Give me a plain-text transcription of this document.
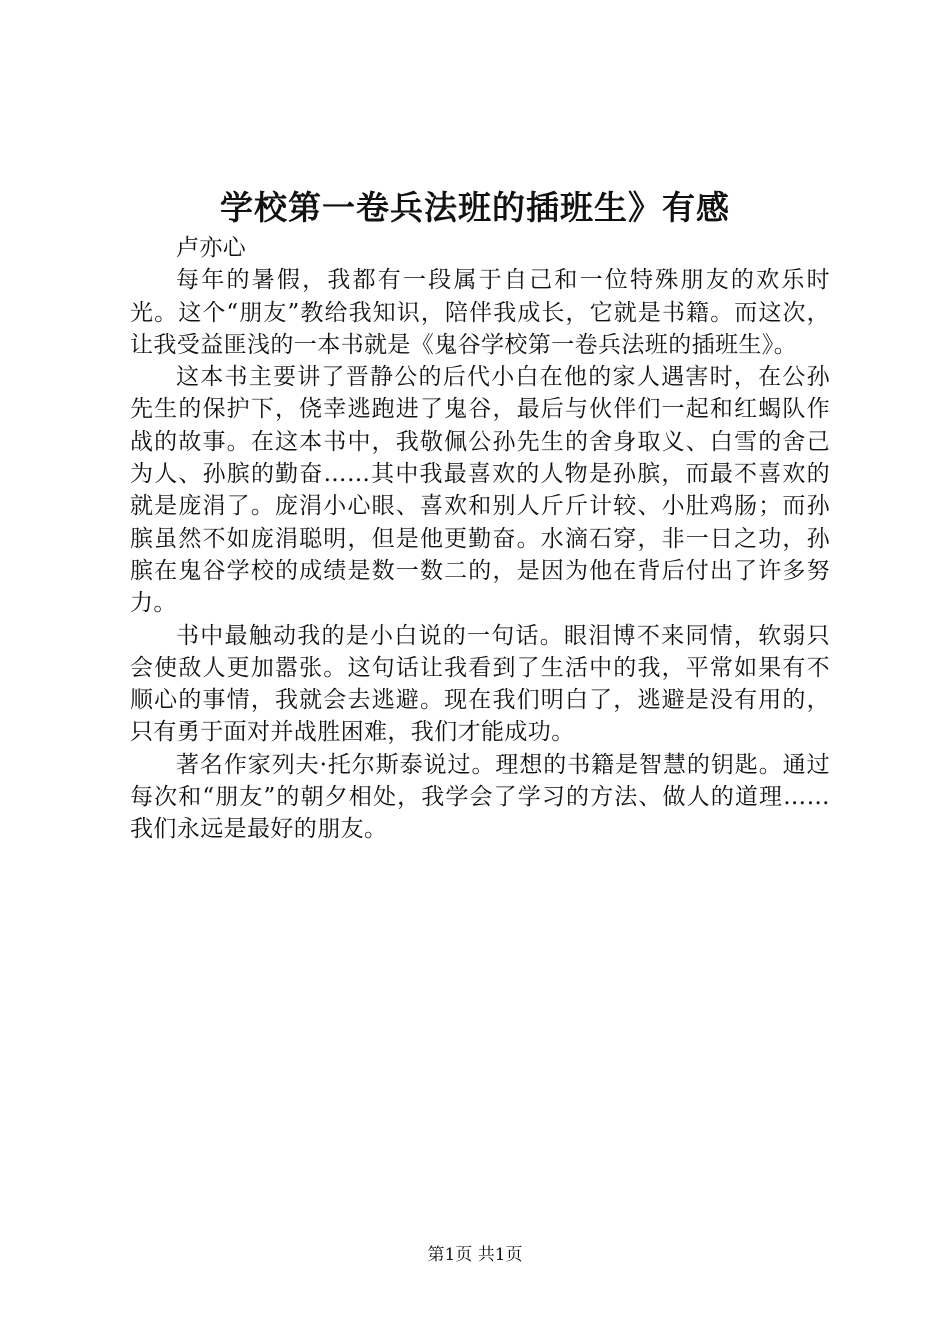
学校第一卷兵法班的插班生》有感
卢亦心

每年的暑假，我都有一段属于自己和一位特殊朋友的欢乐时光。这个“朋友”教给我知识，陪伴我成长，它就是书籍。而这次，让我受益匪浅的一本书就是《鬼谷学校第一卷兵法班的插班生》。

这本书主要讲了晋静公的后代小白在他的家人遇害时，在公孙先生的保护下，侥幸逃跑进了鬼谷，最后与伙伴们一起和红蝎队作战的故事。在这本书中，我敬佩公孙先生的舍身取义、白雪的舍己为人、孙膑的勤奋……其中我最喜欢的人物是孙膑，而最不喜欢的就是庞涓了。庞涓小心眼、喜欢和别人斤斤计较、小肚鸡肠；而孙膑虽然不如庞涓聪明，但是他更勤奋。水滴石穿，非一日之功，孙膑在鬼谷学校的成绩是数一数二的，是因为他在背后付出了许多努力。

书中最触动我的是小白说的一句话。眼泪博不来同情，软弱只会使敌人更加嚣张。这句话让我看到了生活中的我，平常如果有不顺心的事情，我就会去逃避。现在我们明白了，逃避是没有用的，只有勇于面对并战胜困难，我们才能成功。

著名作家列夫·托尔斯泰说过。理想的书籍是智慧的钥匙。通过每次和“朋友”的朝夕相处，我学会了学习的方法、做人的道理……我们永远是最好的朋友。

第1页 共1页
